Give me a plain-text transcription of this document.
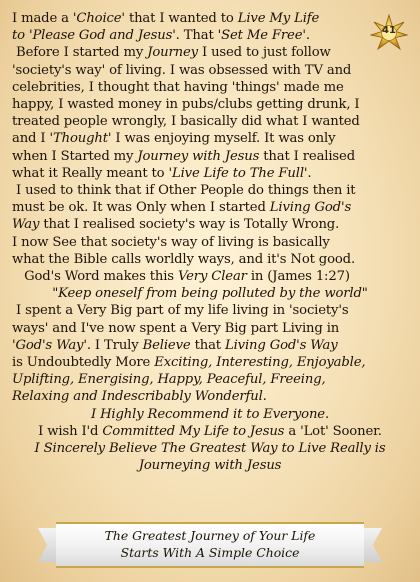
I made a 'Choice' that I wanted to Live My Life
to 'Please God and Jesus'. That 'Set Me Free'.
Before I started my Journey I used to just follow
'society's way' of living. I was obsessed with TV and
celebrities, I thought that having 'things' made me
happy, I wasted money in pubs/clubs getting drunk, I
treated people wrongly, I basically did what I wanted
and I 'Thought' I was enjoying myself. It was only
when I Started my Journey with Jesus that I realised
what it Really meant to 'Live Life to The Full'.
I used to think that if Other People do things then it
must be ok. It was Only when I started Living God's
Way that I realised society's way is Totally Wrong.
I now See that society's way of living is basically
what the Bible calls worldly ways, and it's Not good.
God's Word makes this Very Clear in (James 1:27)
"Keep oneself from being polluted by the world"
I spent a Very Big part of my life living in 'society's
ways' and I've now spent a Very Big part Living in
'God's Way'. I Truly Believe that Living God's Way
is Undoubtedly More Exciting, Interesting, Enjoyable,
Uplifting, Energising, Happy, Peaceful, Freeing,
Relaxing and Indescribably Wonderful.
I Highly Recommend it to Everyone.
I wish I'd Committed My Life to Jesus a 'Lot' Sooner.
I Sincerely Believe The Greatest Way to Live Really is
Journeying with Jesus
41
The Greatest Journey of Your Life
Starts With A Simple Choice
